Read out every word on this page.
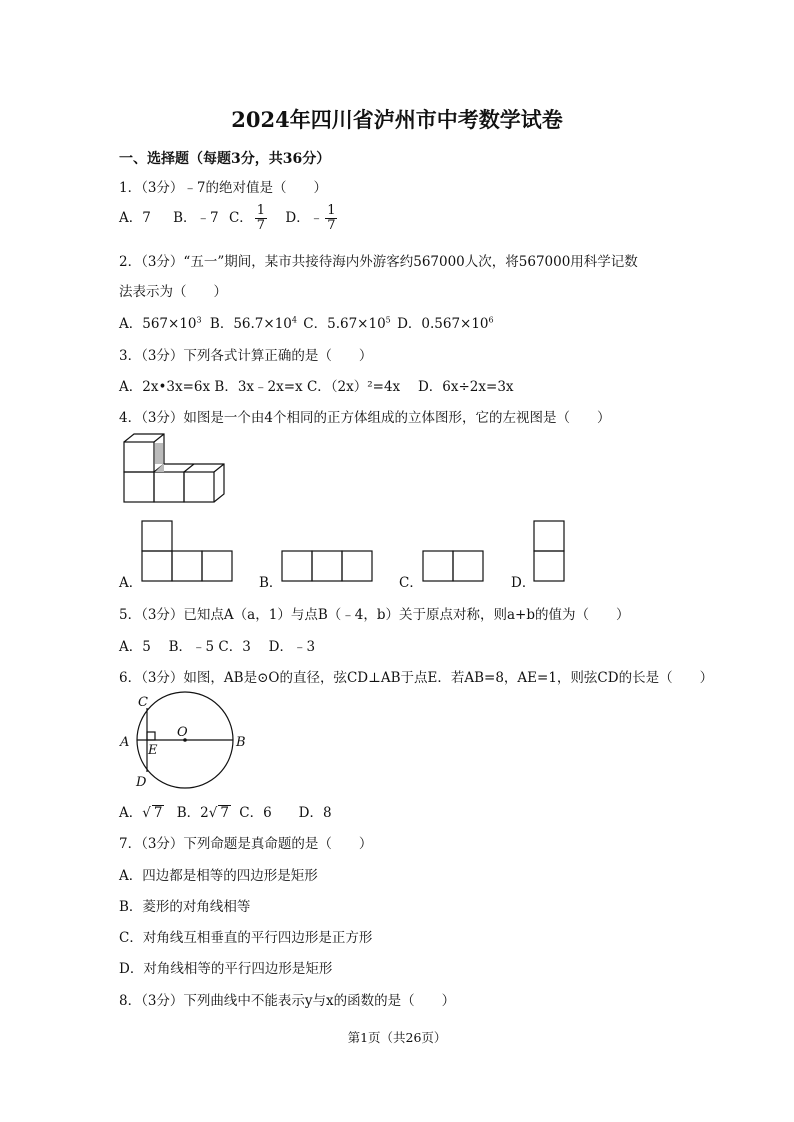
2024年四川省泸州市中考数学试卷
一、选择题（每题3分，共36分）
1．（3分）﹣7的绝对值是（　　）
A．7 B．﹣7 C． $\frac{1}{7}$ D．﹣ $\frac{1}{7}$
2．（3分）“五一”期间，某市共接待海内外游客约567000人次，将567000用科学记数
法表示为（　　）
A．$567\times 10^3$ B．$56.7\times 10^4$ C．$5.67\times 10^5$ D．$0.567\times 10^6$
3．（3分）下列各式计算正确的是（　　）
A．2x•3x=6x B．3x﹣2x=x C．（2x）²=4x　 D．6x÷2x=3x
4．（3分）如图是一个由4个相同的正方体组成的立体图形，它的左视图是（　　）
A．	B．	C．	D．
5．（3分）已知点A（a，1）与点B（﹣4，b）关于原点对称，则a+b的值为（　　）
A．5　 B．﹣5 C．3　 D．﹣3
6．（3分）如图，AB是⊙O的直径，弦CD⊥AB于点E．若AB=8，AE=1，则弦CD的长是（　　）
C
A
E
O
B
D
A．√ 7 B．2√ 7 C．6　　D．8
7．（3分）下列命题是真命题的是（　　）
A．四边都是相等的四边形是矩形
B．菱形的对角线相等
C．对角线互相垂直的平行四边形是正方形
D．对角线相等的平行四边形是矩形
8．（3分）下列曲线中不能表示y与x的函数的是（　　）
第1页（共26页）
